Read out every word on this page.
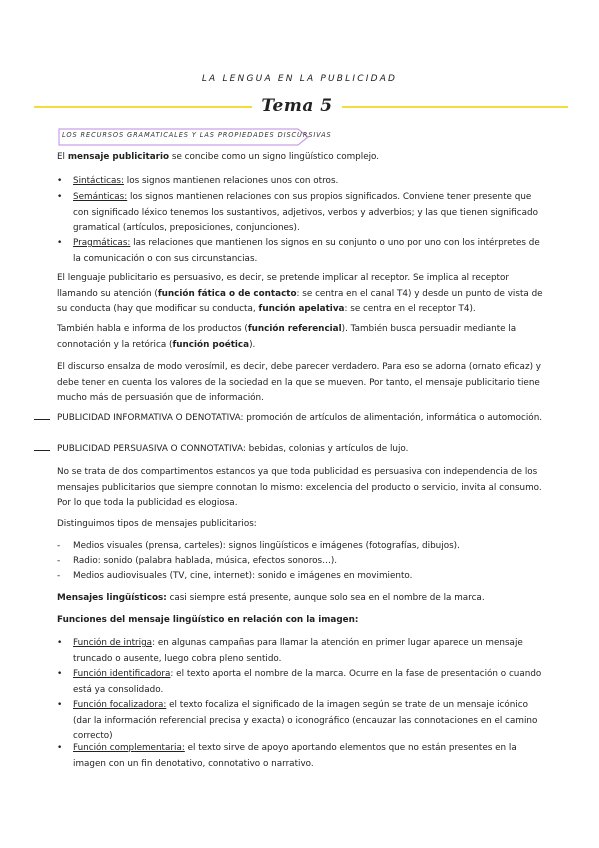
LA LENGUA EN LA PUBLICIDAD
Tema 5
LOS RECURSOS GRAMATICALES Y LAS PROPIEDADES DISCURSIVAS
El mensaje publicitario se concibe como un signo lingüístico complejo.
• Sintácticas: los signos mantienen relaciones unos con otros.
• Semánticas: los signos mantienen relaciones con sus propios significados. Conviene tener presente que con significado léxico tenemos los sustantivos, adjetivos, verbos y adverbios; y las que tienen significado gramatical (artículos, preposiciones, conjunciones).
• Pragmáticas: las relaciones que mantienen los signos en su conjunto o uno por uno con los intérpretes de la comunicación o con sus circunstancias.
El lenguaje publicitario es persuasivo, es decir, se pretende implicar al receptor. Se implica al receptor llamando su atención (función fática o de contacto: se centra en el canal T4) y desde un punto de vista de su conducta (hay que modificar su conducta, función apelativa: se centra en el receptor T4).
También habla e informa de los productos (función referencial). También busca persuadir mediante la connotación y la retórica (función poética).
El discurso ensalza de modo verosímil, es decir, debe parecer verdadero. Para eso se adorna (ornato eficaz) y debe tener en cuenta los valores de la sociedad en la que se mueven. Por tanto, el mensaje publicitario tiene mucho más de persuasión que de información.
PUBLICIDAD INFORMATIVA O DENOTATIVA: promoción de artículos de alimentación, informática o automoción.
PUBLICIDAD PERSUASIVA O CONNOTATIVA: bebidas, colonias y artículos de lujo.
No se trata de dos compartimentos estancos ya que toda publicidad es persuasiva con independencia de los mensajes publicitarios que siempre connotan lo mismo: excelencia del producto o servicio, invita al consumo. Por lo que toda la publicidad es elogiosa.
Distinguimos tipos de mensajes publicitarios:
- Medios visuales (prensa, carteles): signos lingüísticos e imágenes (fotografías, dibujos).
- Radio: sonido (palabra hablada, música, efectos sonoros…).
- Medios audiovisuales (TV, cine, internet): sonido e imágenes en movimiento.
Mensajes lingüísticos: casi siempre está presente, aunque solo sea en el nombre de la marca.
Funciones del mensaje lingüístico en relación con la imagen:
• Función de intriga: en algunas campañas para llamar la atención en primer lugar aparece un mensaje truncado o ausente, luego cobra pleno sentido.
• Función identificadora: el texto aporta el nombre de la marca. Ocurre en la fase de presentación o cuando está ya consolidado.
• Función focalizadora: el texto focaliza el significado de la imagen según se trate de un mensaje icónico (dar la información referencial precisa y exacta) o iconográfico (encauzar las connotaciones en el camino correcto)
• Función complementaria: el texto sirve de apoyo aportando elementos que no están presentes en la imagen con un fin denotativo, connotativo o narrativo.
